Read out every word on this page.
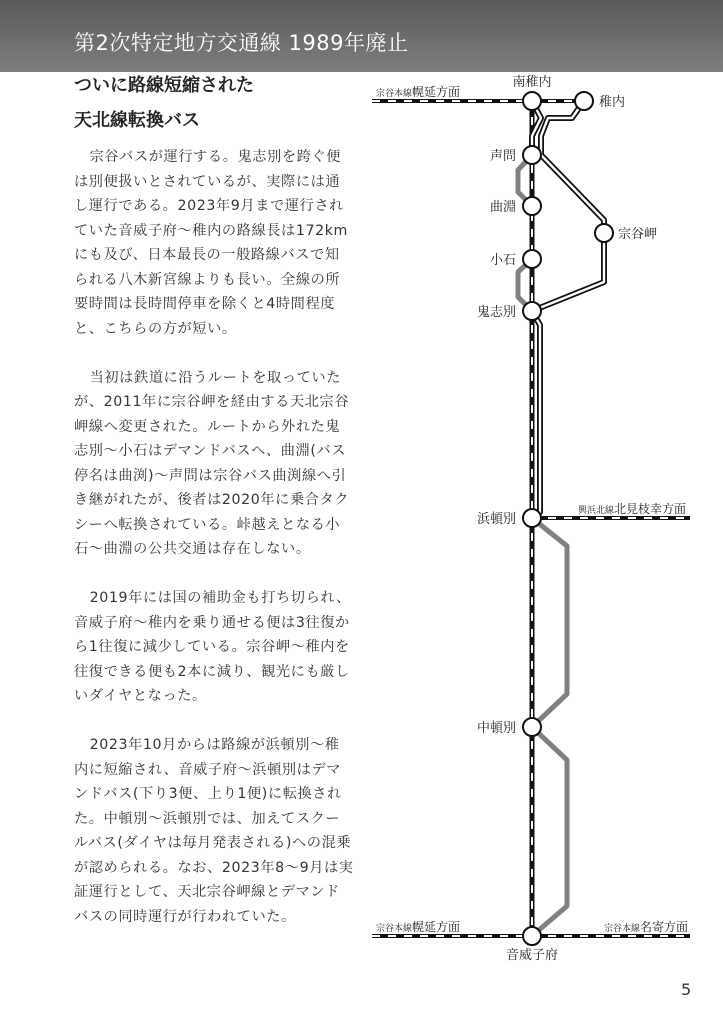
第2次特定地方交通線 1989年廃止
ついに路線短縮された
天北線転換バス

宗谷バスが運行する。鬼志別を跨ぐ便は別便扱いとされているが、実際には通し運行である。2023年9月まで運行されていた音威子府～稚内の路線長は172kmにも及び、日本最長の一般路線バスで知られる八木新宮線よりも長い。全線の所要時間は長時間停車を除くと4時間程度と、こちらの方が短い。

当初は鉄道に沿うルートを取っていたが、2011年に宗谷岬を経由する天北宗谷岬線へ変更された。ルートから外れた鬼志別～小石はデマンドバスへ、曲淵(バス停名は曲渕)～声問は宗谷バス曲渕線へ引き継がれたが、後者は2020年に乗合タクシーへ転換されている。峠越えとなる小石～曲淵の公共交通は存在しない。

2019年には国の補助金も打ち切られ、音威子府～稚内を乗り通せる便は3往復から1往復に減少している。宗谷岬～稚内を往復できる便も2本に減り、観光にも厳しいダイヤとなった。

2023年10月からは路線が浜頓別～稚内に短縮され、音威子府～浜頓別はデマンドバス(下り3便、上り1便)に転換された。中頓別～浜頓別では、加えてスクールバス(ダイヤは毎月発表される)への混乗が認められる。なお、2023年8～9月は実証運行として、天北宗谷岬線とデマンドバスの同時運行が行われていた。

南稚内
稚内
声問
曲淵
宗谷岬
小石
鬼志別
浜頓別
中頓別
音威子府
宗谷本線幌延方面
興浜北線北見枝幸方面
宗谷本線幌延方面	宗谷本線名寄方面
5
